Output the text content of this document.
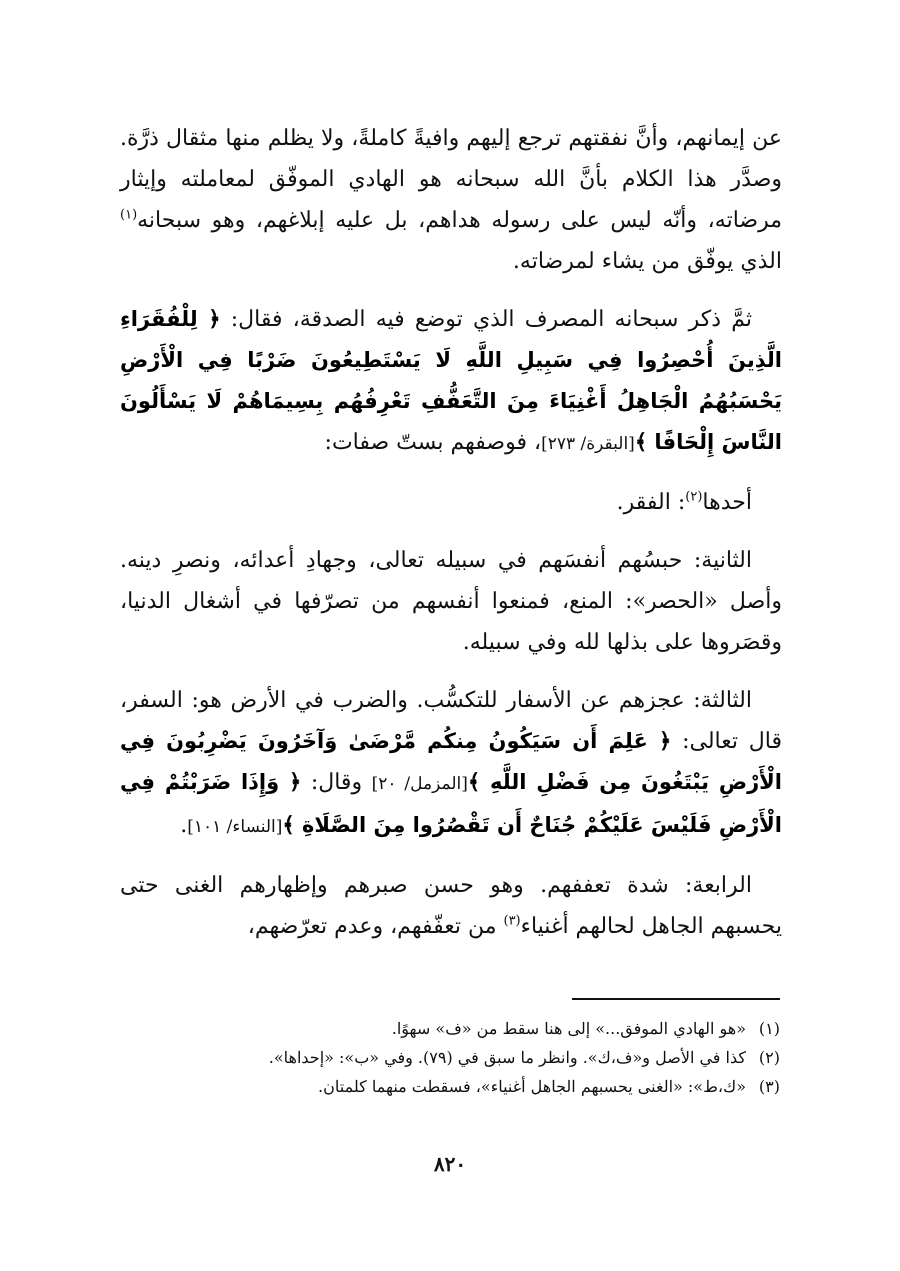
عن إيمانهم، وأنَّ نفقتهم ترجع إليهم وافيةً كاملةً، ولا يظلم منها مثقال ذرَّة. وصدَّر هذا الكلام بأنَّ الله سبحانه هو الهادي الموفّق لمعاملته وإيثار مرضاته، وأنّه ليس على رسوله هداهم، بل عليه إبلاغهم، وهو سبحانه$^{(١)}$ الذي يوفّق من يشاء لمرضاته.

ثمَّ ذكر سبحانه المصرف الذي توضع فيه الصدقة، فقال: ﴿ لِلْفُقَرَاءِ الَّذِينَ أُحْصِرُوا فِي سَبِيلِ اللَّهِ لَا يَسْتَطِيعُونَ ضَرْبًا فِي الْأَرْضِ يَحْسَبُهُمُ الْجَاهِلُ أَغْنِيَاءَ مِنَ التَّعَفُّفِ تَعْرِفُهُم بِسِيمَاهُمْ لَا يَسْأَلُونَ النَّاسَ إِلْحَافًا ﴾[البقرة/ ٢٧٣]، فوصفهم بستّ صفات:

أحدها$^{(٢)}$: الفقر.

الثانية: حبسُهم أنفسَهم في سبيله تعالى، وجهادِ أعدائه، ونصرِ دينه. وأصل «الحصر»: المنع، فمنعوا أنفسهم من تصرّفها في أشغال الدنيا، وقصَروها على بذلها لله وفي سبيله.

الثالثة: عجزهم عن الأسفار للتكسُّب. والضرب في الأرض هو: السفر، قال تعالى: ﴿ عَلِمَ أَن سَيَكُونُ مِنكُم مَّرْضَىٰ وَآخَرُونَ يَضْرِبُونَ فِي الْأَرْضِ يَبْتَغُونَ مِن فَضْلِ اللَّهِ ﴾[المزمل/ ٢٠] وقال: ﴿ وَإِذَا ضَرَبْتُمْ فِي الْأَرْضِ فَلَيْسَ عَلَيْكُمْ جُنَاحٌ أَن تَقْصُرُوا مِنَ الصَّلَاةِ ﴾[النساء/ ١٠١].

الرابعة: شدة تعففهم. وهو حسن صبرهم وإظهارهم الغنى حتى يحسبهم الجاهل لحالهم أغنياء$^{(٣)}$ من تعفّفهم، وعدم تعرّضهم،

(١)«هو الهادي الموفق...» إلى هنا سقط من «ف» سهوًا.

(٢)كذا في الأصل و«ف،ك». وانظر ما سبق في (٧٩). وفي «ب»: «إحداها».

(٣)«ك،ط»: «الغنى يحسبهم الجاهل أغنياء»، فسقطت منهما كلمتان.

٨٢٠
